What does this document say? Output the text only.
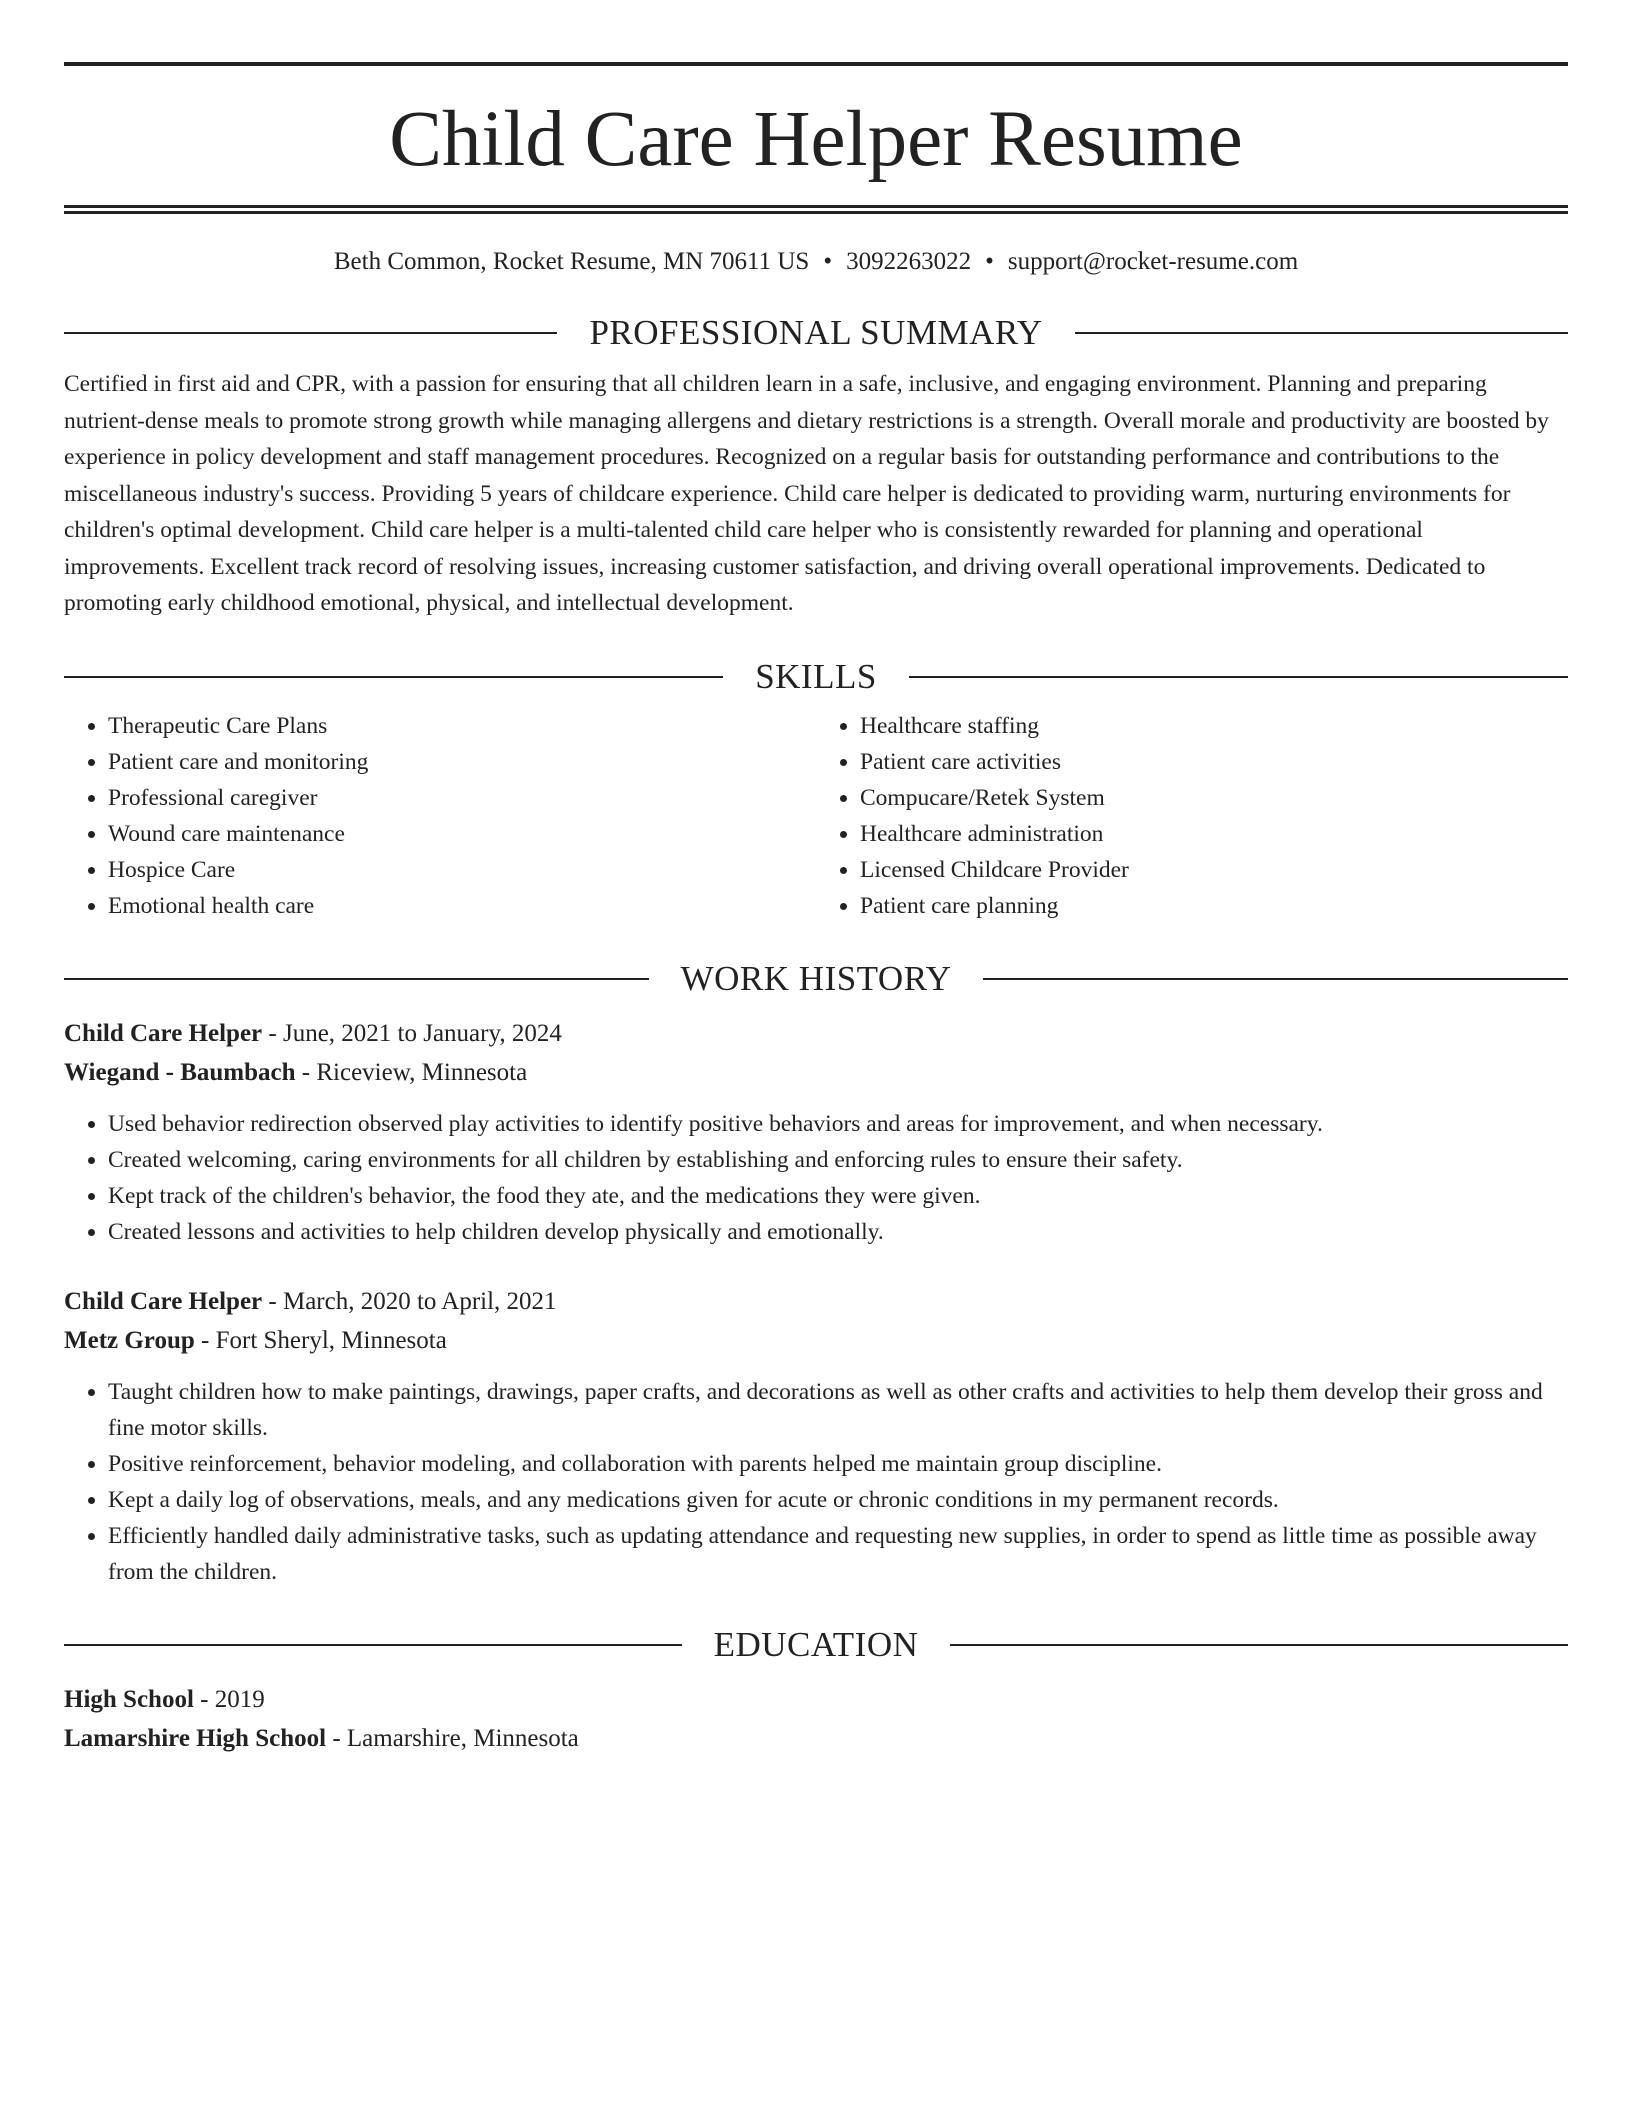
Child Care Helper Resume
Beth Common, Rocket Resume, MN 70611 US • 3092263022 • support@rocket-resume.com
PROFESSIONAL SUMMARY
Certified in first aid and CPR, with a passion for ensuring that all children learn in a safe, inclusive, and engaging environment. Planning and preparing nutrient-dense meals to promote strong growth while managing allergens and dietary restrictions is a strength. Overall morale and productivity are boosted by experience in policy development and staff management procedures. Recognized on a regular basis for outstanding performance and contributions to the miscellaneous industry's success. Providing 5 years of childcare experience. Child care helper is dedicated to providing warm, nurturing environments for children's optimal development. Child care helper is a multi-talented child care helper who is consistently rewarded for planning and operational improvements. Excellent track record of resolving issues, increasing customer satisfaction, and driving overall operational improvements. Dedicated to promoting early childhood emotional, physical, and intellectual development.
SKILLS
• Therapeutic Care Plans
• Patient care and monitoring
• Professional caregiver
• Wound care maintenance
• Hospice Care
• Emotional health care
• Healthcare staffing
• Patient care activities
• Compucare/Retek System
• Healthcare administration
• Licensed Childcare Provider
• Patient care planning
WORK HISTORY
Child Care Helper - June, 2021 to January, 2024
Wiegand - Baumbach - Riceview, Minnesota
• Used behavior redirection observed play activities to identify positive behaviors and areas for improvement, and when necessary.
• Created welcoming, caring environments for all children by establishing and enforcing rules to ensure their safety.
• Kept track of the children's behavior, the food they ate, and the medications they were given.
• Created lessons and activities to help children develop physically and emotionally.
Child Care Helper - March, 2020 to April, 2021
Metz Group - Fort Sheryl, Minnesota
• Taught children how to make paintings, drawings, paper crafts, and decorations as well as other crafts and activities to help them develop their gross and fine motor skills.
• Positive reinforcement, behavior modeling, and collaboration with parents helped me maintain group discipline.
• Kept a daily log of observations, meals, and any medications given for acute or chronic conditions in my permanent records.
• Efficiently handled daily administrative tasks, such as updating attendance and requesting new supplies, in order to spend as little time as possible away from the children.
EDUCATION
High School - 2019
Lamarshire High School - Lamarshire, Minnesota
